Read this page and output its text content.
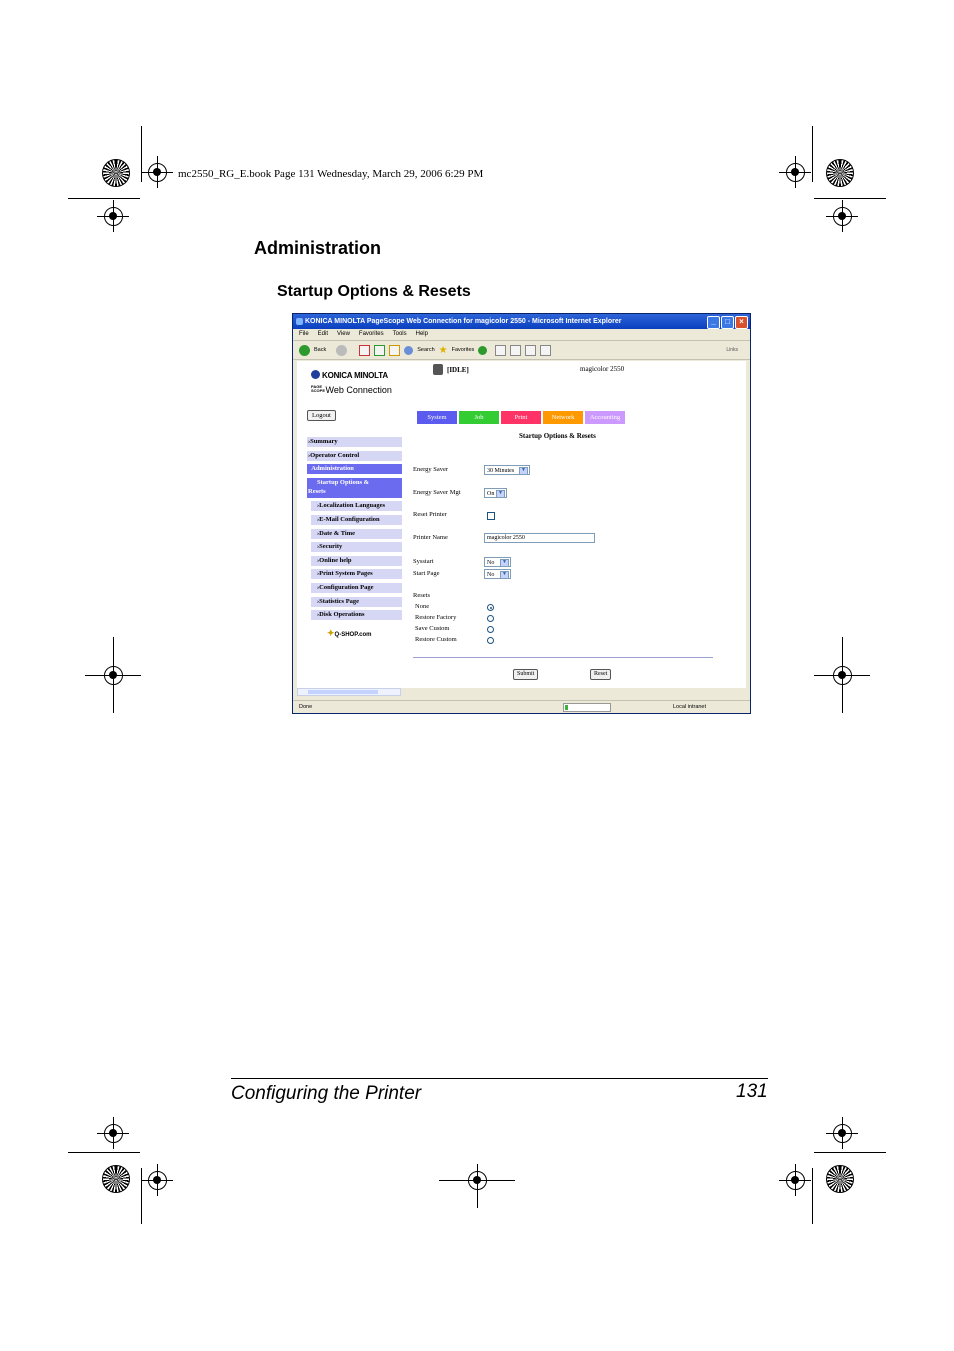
mc2550_RG_E.book Page 131 Wednesday, March 29, 2006 6:29 PM
Administration
Startup Options & Resets
KONICA MINOLTA PageScope Web Connection for magicolor 2550 - Microsoft Internet Explorer	_	□	×
File Edit View Favorites Tools Help
Back	Search ★ Favorites	Links
KONICA MINOLTA
PAGE SCOPE Web Connection
Logout
[IDLE]	magicolor 2550
System	Job	Print	Network	Accounting
›Summary
›Operator Control
Administration
Startup Options &
Resets
›Localization Languages
›E-Mail Configuration
›Date & Time
›Security
›Online help
›Print System Pages
›Configuration Page
›Statistics Page
›Disk Operations
✦Q-SHOP.com
Startup Options & Resets
Energy Saver	30 Minutes	▼
Energy Saver Mgt	On ▼
Reset Printer
Printer Name	magicolor 2550
Sysstart	No	▼
Start Page	No	▼
Resets
None
Restore Factory
Save Custom
Restore Custom
Submit	Reset
Done	Local intranet
Configuring the Printer	131
